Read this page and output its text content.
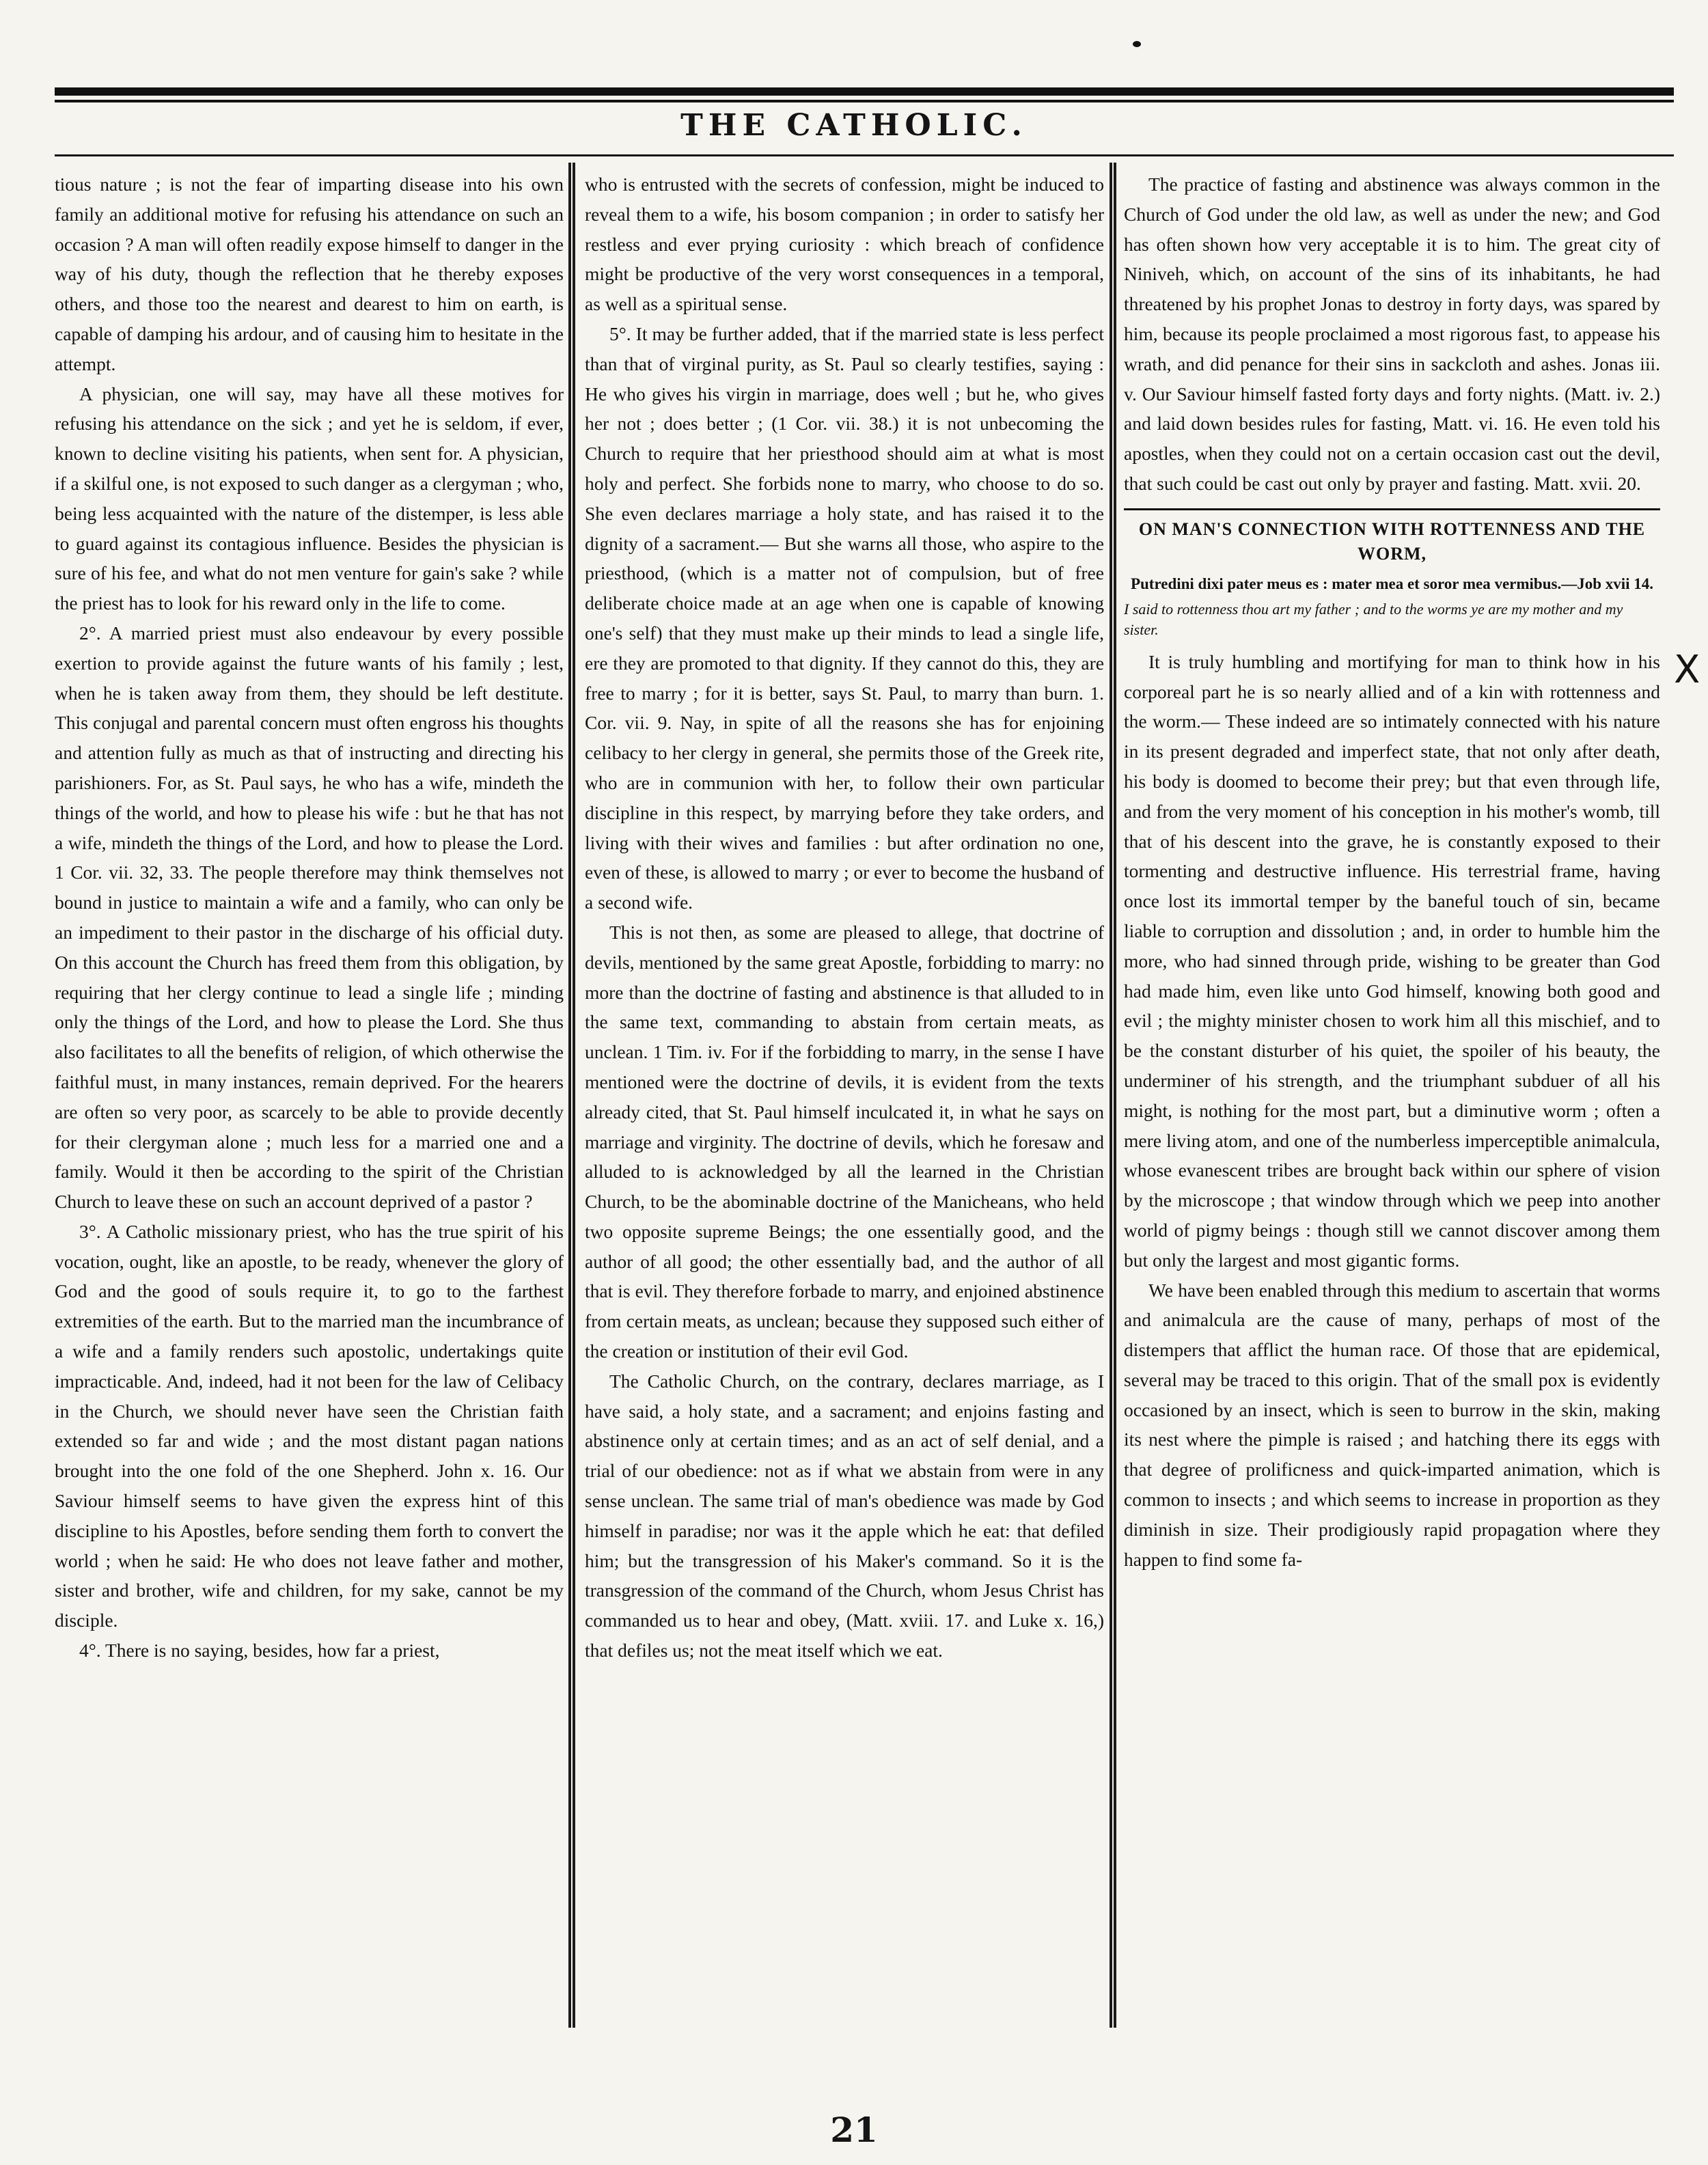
THE CATHOLIC.

tious nature ; is not the fear of imparting disease into his own family an additional motive for refusing his attendance on such an occasion ? A man will often readily expose himself to danger in the way of his duty, though the reflection that he thereby exposes others, and those too the nearest and dearest to him on earth, is capable of damping his ardour, and of causing him to hesitate in the attempt.

A physician, one will say, may have all these motives for refusing his attendance on the sick ; and yet he is seldom, if ever, known to decline visiting his patients, when sent for. A physician, if a skilful one, is not exposed to such danger as a clergyman ; who, being less acquainted with the nature of the distemper, is less able to guard against its contagious influence. Besides the physician is sure of his fee, and what do not men venture for gain's sake ? while the priest has to look for his reward only in the life to come.

2°. A married priest must also endeavour by every possible exertion to provide against the future wants of his family ; lest, when he is taken away from them, they should be left destitute. This conjugal and parental concern must often engross his thoughts and attention fully as much as that of instructing and directing his parishioners. For, as St. Paul says, he who has a wife, mindeth the things of the world, and how to please his wife : but he that has not a wife, mindeth the things of the Lord, and how to please the Lord. 1 Cor. vii. 32, 33. The people therefore may think themselves not bound in justice to maintain a wife and a family, who can only be an impediment to their pastor in the discharge of his official duty. On this account the Church has freed them from this obligation, by requiring that her clergy continue to lead a single life ; minding only the things of the Lord, and how to please the Lord. She thus also facilitates to all the benefits of religion, of which otherwise the faithful must, in many instances, remain deprived. For the hearers are often so very poor, as scarcely to be able to provide decently for their clergyman alone ; much less for a married one and a family. Would it then be according to the spirit of the Christian Church to leave these on such an account deprived of a pastor ?

3°. A Catholic missionary priest, who has the true spirit of his vocation, ought, like an apostle, to be ready, whenever the glory of God and the good of souls require it, to go to the farthest extremities of the earth. But to the married man the incumbrance of a wife and a family renders such apostolic, undertakings quite impracticable. And, indeed, had it not been for the law of Celibacy in the Church, we should never have seen the Christian faith extended so far and wide ; and the most distant pagan nations brought into the one fold of the one Shepherd. John x. 16. Our Saviour himself seems to have given the express hint of this discipline to his Apostles, before sending them forth to convert the world ; when he said: He who does not leave father and mother, sister and brother, wife and children, for my sake, cannot be my disciple.

4°. There is no saying, besides, how far a priest,

who is entrusted with the secrets of confession, might be induced to reveal them to a wife, his bosom companion ; in order to satisfy her restless and ever prying curiosity : which breach of confidence might be productive of the very worst consequences in a temporal, as well as a spiritual sense.

5°. It may be further added, that if the married state is less perfect than that of virginal purity, as St. Paul so clearly testifies, saying : He who gives his virgin in marriage, does well ; but he, who gives her not ; does better ; (1 Cor. vii. 38.) it is not unbecoming the Church to require that her priesthood should aim at what is most holy and perfect. She forbids none to marry, who choose to do so. She even declares marriage a holy state, and has raised it to the dignity of a sacrament.— But she warns all those, who aspire to the priesthood, (which is a matter not of compulsion, but of free deliberate choice made at an age when one is capable of knowing one's self) that they must make up their minds to lead a single life, ere they are promoted to that dignity. If they cannot do this, they are free to marry ; for it is better, says St. Paul, to marry than burn. 1. Cor. vii. 9. Nay, in spite of all the reasons she has for enjoining celibacy to her clergy in general, she permits those of the Greek rite, who are in communion with her, to follow their own particular discipline in this respect, by marrying before they take orders, and living with their wives and families : but after ordination no one, even of these, is allowed to marry ; or ever to become the husband of a second wife.

This is not then, as some are pleased to allege, that doctrine of devils, mentioned by the same great Apostle, forbidding to marry: no more than the doctrine of fasting and abstinence is that alluded to in the same text, commanding to abstain from certain meats, as unclean. 1 Tim. iv. For if the forbidding to marry, in the sense I have mentioned were the doctrine of devils, it is evident from the texts already cited, that St. Paul himself inculcated it, in what he says on marriage and virginity. The doctrine of devils, which he foresaw and alluded to is acknowledged by all the learned in the Christian Church, to be the abominable doctrine of the Manicheans, who held two opposite supreme Beings; the one essentially good, and the author of all good; the other essentially bad, and the author of all that is evil. They therefore forbade to marry, and enjoined abstinence from certain meats, as unclean; because they supposed such either of the creation or institution of their evil God.

The Catholic Church, on the contrary, declares marriage, as I have said, a holy state, and a sacrament; and enjoins fasting and abstinence only at certain times; and as an act of self denial, and a trial of our obedience: not as if what we abstain from were in any sense unclean. The same trial of man's obedience was made by God himself in paradise; nor was it the apple which he eat: that defiled him; but the transgression of his Maker's command. So it is the transgression of the command of the Church, whom Jesus Christ has commanded us to hear and obey, (Matt. xviii. 17. and Luke x. 16,) that defiles us; not the meat itself which we eat.

The practice of fasting and abstinence was always common in the Church of God under the old law, as well as under the new; and God has often shown how very acceptable it is to him. The great city of Niniveh, which, on account of the sins of its inhabitants, he had threatened by his prophet Jonas to destroy in forty days, was spared by him, because its people proclaimed a most rigorous fast, to appease his wrath, and did penance for their sins in sackcloth and ashes. Jonas iii. v. Our Saviour himself fasted forty days and forty nights. (Matt. iv. 2.) and laid down besides rules for fasting, Matt. vi. 16. He even told his apostles, when they could not on a certain occasion cast out the devil, that such could be cast out only by prayer and fasting. Matt. xvii. 20.

ON MAN'S CONNECTION WITH ROTTENNESS AND THE WORM,
Putredini dixi pater meus es : mater mea et soror mea vermibus.—Job xvii 14.
I said to rottenness thou art my father ; and to the worms ye are my mother and my sister.

It is truly humbling and mortifying for man to think how in his corporeal part he is so nearly allied and of a kin with rottenness and the worm.— These indeed are so intimately connected with his nature in its present degraded and imperfect state, that not only after death, his body is doomed to become their prey; but that even through life, and from the very moment of his conception in his mother's womb, till that of his descent into the grave, he is constantly exposed to their tormenting and destructive influence. His terrestrial frame, having once lost its immortal temper by the baneful touch of sin, became liable to corruption and dissolution ; and, in order to humble him the more, who had sinned through pride, wishing to be greater than God had made him, even like unto God himself, knowing both good and evil ; the mighty minister chosen to work him all this mischief, and to be the constant disturber of his quiet, the spoiler of his beauty, the underminer of his strength, and the triumphant subduer of all his might, is nothing for the most part, but a diminutive worm ; often a mere living atom, and one of the numberless imperceptible animalcula, whose evanescent tribes are brought back within our sphere of vision by the microscope ; that window through which we peep into another world of pigmy beings : though still we cannot discover among them but only the largest and most gigantic forms.

We have been enabled through this medium to ascertain that worms and animalcula are the cause of many, perhaps of most of the distempers that afflict the human race. Of those that are epidemical, several may be traced to this origin. That of the small pox is evidently occasioned by an insect, which is seen to burrow in the skin, making its nest where the pimple is raised ; and hatching there its eggs with that degree of prolificness and quick-imparted animation, which is common to insects ; and which seems to increase in proportion as they diminish in size. Their prodigiously rapid propagation where they happen to find some fa-

X
21
